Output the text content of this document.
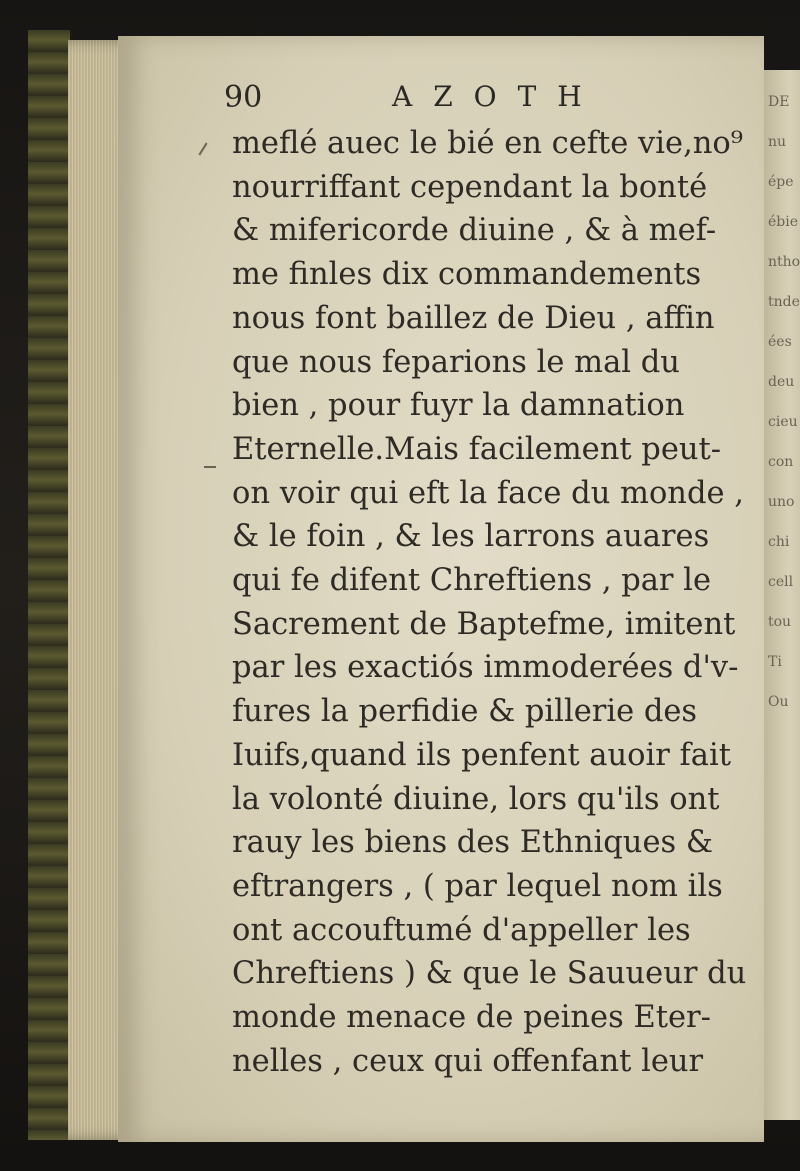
DE
nu
épe
ébie
ntho
tnde
ées
deu
cieu
con
uno
chi
cell
tou
Ti
Ou
90	AZOTH
meflé auec le bié en cefte vie,no⁹
nourriffant cependant la bonté
& mifericorde diuine , & à mef-
me finles dix commandements
nous font baillez de Dieu , affin
que nous feparions le mal du
bien , pour fuyr la damnation
Eternelle.Mais facilement peut-
on voir qui eft la face du monde ,
& le foin , & les larrons auares
qui fe difent Chreftiens , par le
Sacrement de Baptefme, imitent
par les exactiós immoderées d'v-
fures la perfidie & pillerie des
Iuifs,quand ils penfent auoir fait
la volonté diuine, lors qu'ils ont
rauy les biens des Ethniques &
eftrangers , ( par lequel nom ils
ont accouftumé d'appeller les
Chreftiens ) & que le Sauueur du
monde menace de peines Eter-
nelles , ceux qui offenfant leur
